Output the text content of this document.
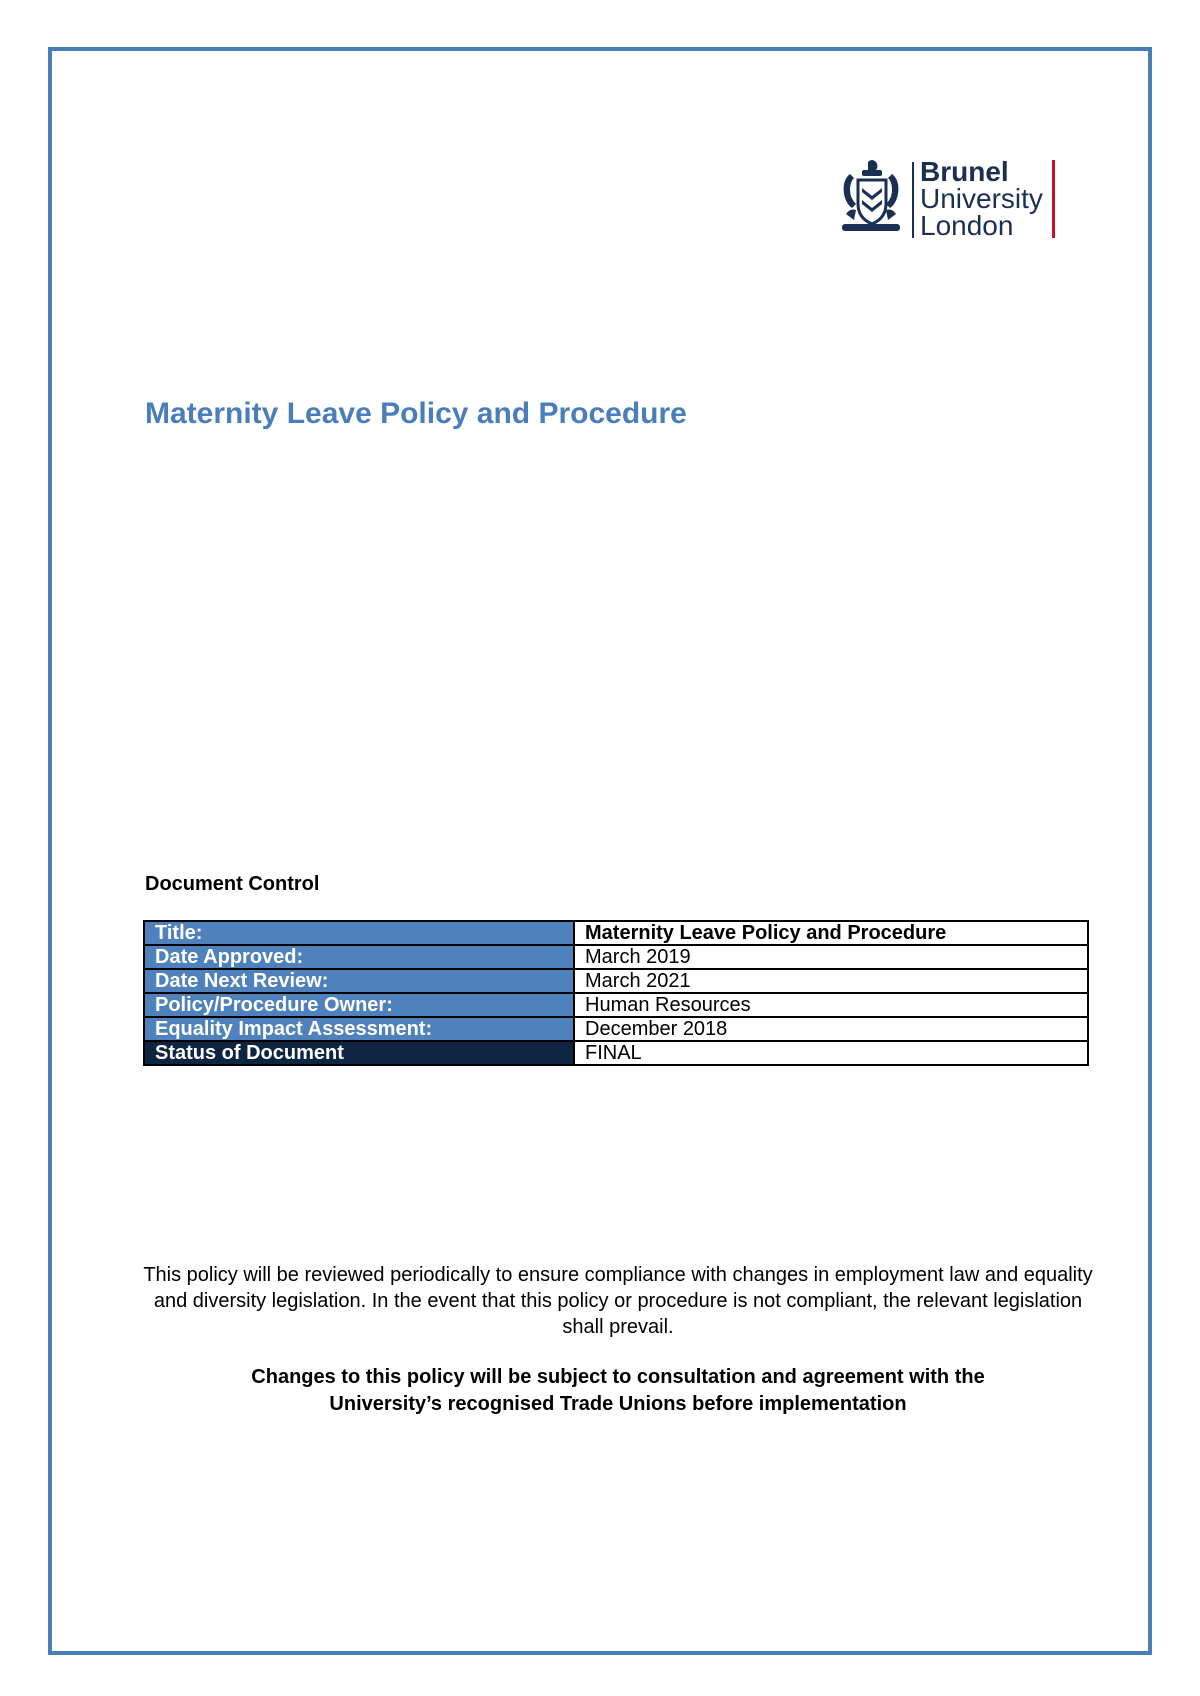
Brunel
University
London
Maternity Leave Policy and Procedure
Document Control
Title:	Maternity Leave Policy and Procedure
Date Approved:	March 2019
Date Next Review:	March 2021
Policy/Procedure Owner:	Human Resources
Equality Impact Assessment:	December 2018
Status of Document	FINAL

This policy will be reviewed periodically to ensure compliance with changes in employment law and equality and diversity legislation. In the event that this policy or procedure is not compliant, the relevant legislation shall prevail.

Changes to this policy will be subject to consultation and agreement with the
University’s recognised Trade Unions before implementation
